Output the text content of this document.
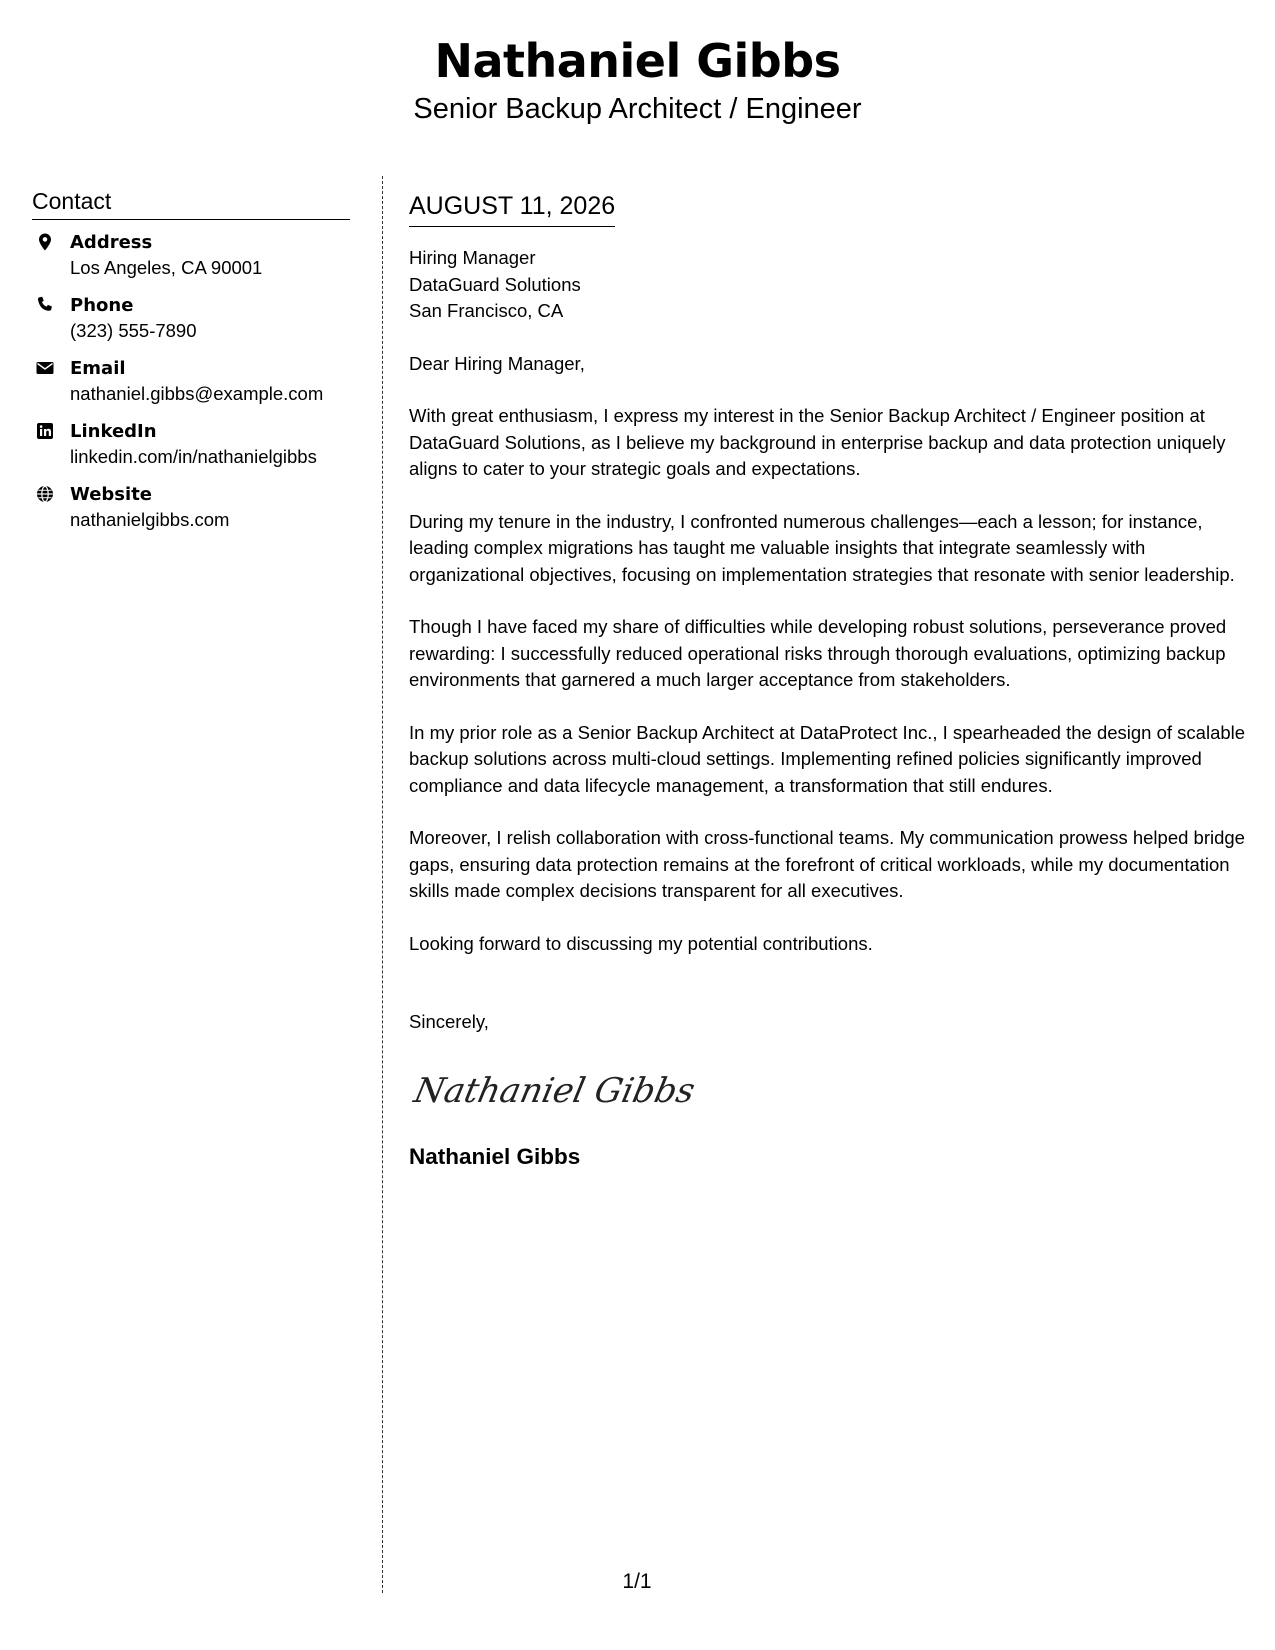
Nathaniel Gibbs
Senior Backup Architect / Engineer
Contact
Address
Los Angeles, CA 90001
Phone
(323) 555-7890
Email
nathaniel.gibbs@example.com
LinkedIn
linkedin.com/in/nathanielgibbs
Website
nathanielgibbs.com
AUGUST 11, 2026
Hiring Manager
DataGuard Solutions
San Francisco, CA
Dear Hiring Manager,

With great enthusiasm, I express my interest in the Senior Backup Architect / Engineer position at DataGuard Solutions, as I believe my background in enterprise backup and data protection uniquely aligns to cater to your strategic goals and expectations.

During my tenure in the industry, I confronted numerous challenges—each a lesson; for instance, leading complex migrations has taught me valuable insights that integrate seamlessly with organizational objectives, focusing on implementation strategies that resonate with senior leadership.

Though I have faced my share of difficulties while developing robust solutions, perseverance proved rewarding: I successfully reduced operational risks through thorough evaluations, optimizing backup environments that garnered a much larger acceptance from stakeholders.

In my prior role as a Senior Backup Architect at DataProtect Inc., I spearheaded the design of scalable backup solutions across multi-cloud settings. Implementing refined policies significantly improved compliance and data lifecycle management, a transformation that still endures.

Moreover, I relish collaboration with cross-functional teams. My communication prowess helped bridge gaps, ensuring data protection remains at the forefront of critical workloads, while my documentation skills made complex decisions transparent for all executives.

Looking forward to discussing my potential contributions.

Sincerely,
Nathaniel Gibbs
Nathaniel Gibbs
1/1
